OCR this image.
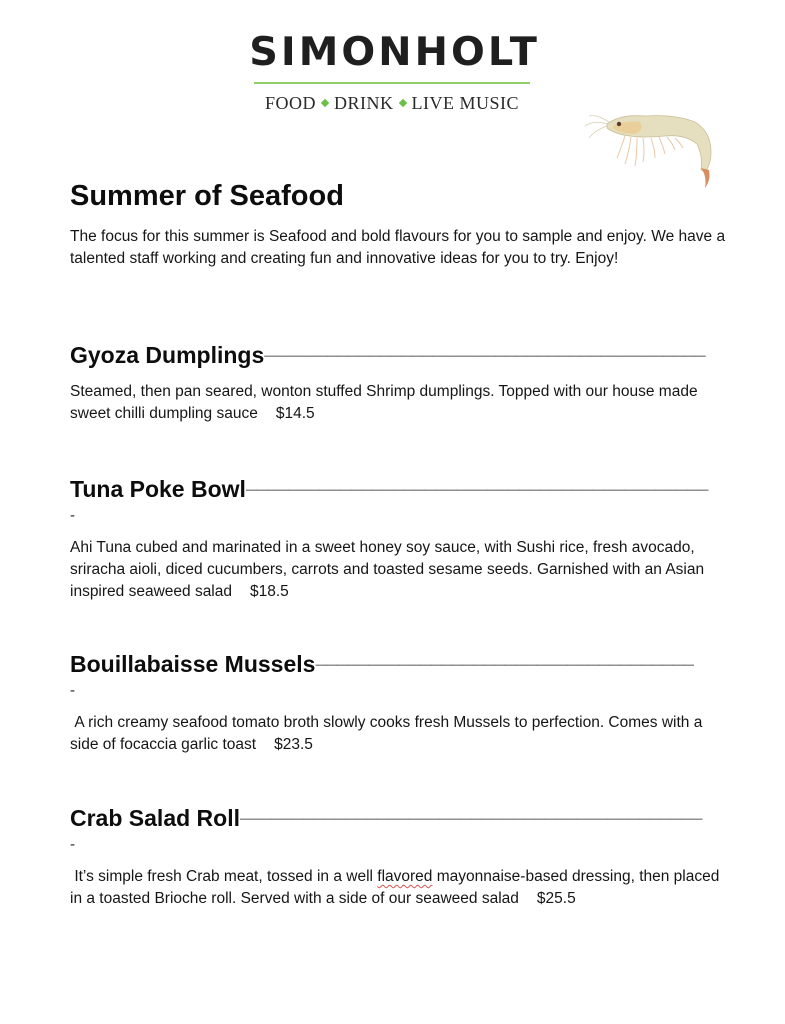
SIMONHOLT
FOOD DRINK LIVE MUSIC
Summer of Seafood

The focus for this summer is Seafood and bold flavours for you to sample and enjoy. We have a talented staff working and creating fun and innovative ideas for you to try. Enjoy!

Gyoza Dumplings——————————————————————————————————————————

Steamed, then pan seared, wonton stuffed Shrimp dumplings. Topped with our house made sweet chilli dumpling sauce $14.5

Tuna Poke Bowl————————————————————————————————————————————

-

Ahi Tuna cubed and marinated in a sweet honey soy sauce, with Sushi rice, fresh avocado, sriracha aioli, diced cucumbers, carrots and toasted sesame seeds. Garnished with an Asian inspired seaweed salad $18.5

Bouillabaisse Mussels————————————————————————————————————

-

A rich creamy seafood tomato broth slowly cooks fresh Mussels to perfection. Comes with a side of focaccia garlic toast $23.5

Crab Salad Roll————————————————————————————————————————————

-

It’s simple fresh Crab meat, tossed in a well flavored mayonnaise-based dressing, then placed in a toasted Brioche roll. Served with a side of our seaweed salad $25.5
